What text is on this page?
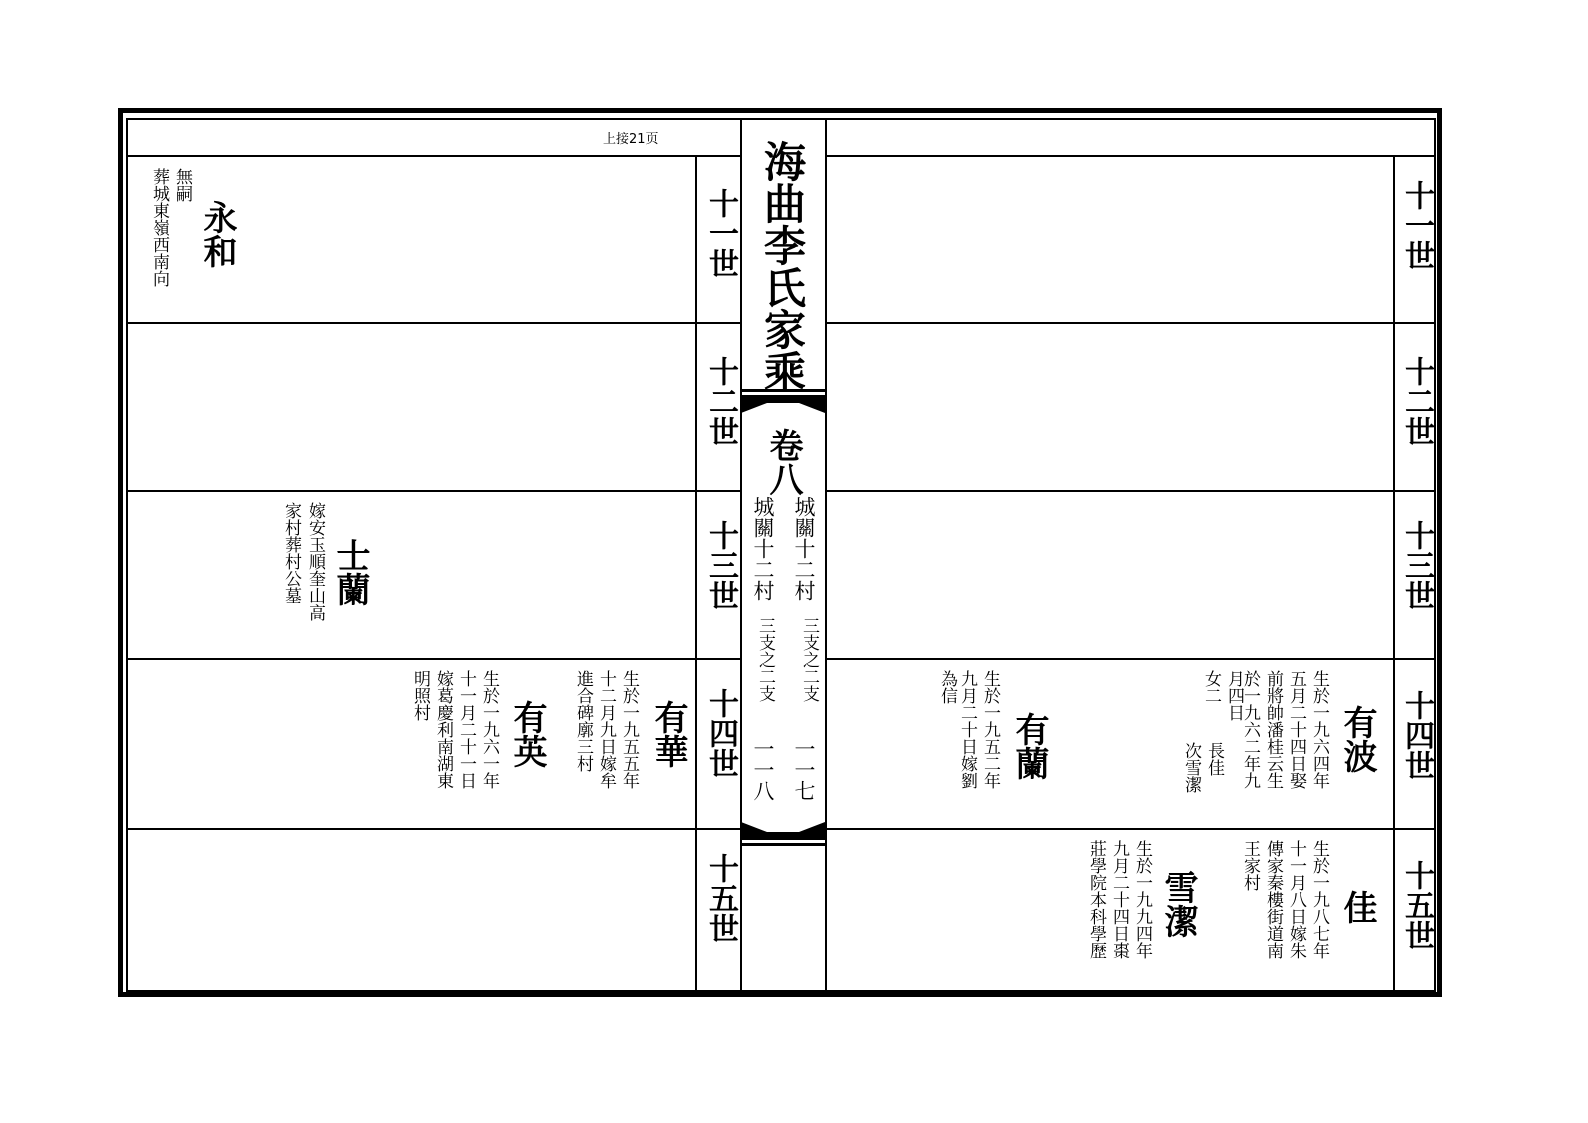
上接21页
海曲李氏家乘
卷八
城關十二村
城關十二村
三支之二支
三支之二支
一一七
一一八
十一世
十二世
十三世
十四世
十五世
十一世
十二世
十三世
十四世
十五世
永和
無嗣
葬城東嶺西南向
士蘭
嫁安玉順奎山高
家村葬村公墓
有華
生於一九五五年
十二月九日嫁牟
進合碑廓三村
有英
生於一九六一年
十一月二十一日
嫁葛慶利南湖東
明照村
有波
生於一九六四年
五月二十四日娶
前將帥潘桂云生
於一九六二年九
月四日
女二
長佳
次雪潔
有蘭
生於一九五二年
九月二十日嫁劉
為信
佳
生於一九八七年
十一月八日嫁朱
傳家秦樓街道南
王家村
雪潔
生於一九九四年
九月二十四日棗
莊學院本科學歷
